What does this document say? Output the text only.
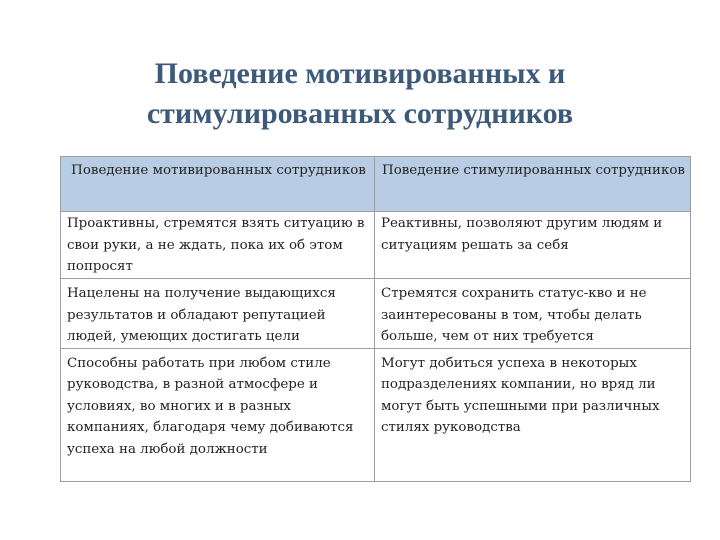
Поведение мотивированных и
стимулированных сотрудников
Поведение мотивированных сотрудников	Поведение стимулированных сотрудников
Проактивны, стремятся взять ситуацию в свои руки, а не ждать, пока их об этом попросят	Реактивны, позволяют другим людям и ситуациям решать за себя
Нацелены на получение выдающихся результатов и обладают репутацией людей, умеющих достигать цели	Стремятся сохранить статус-кво и не заинтересованы в том, чтобы делать больше, чем от них требуется
Способны работать при любом стиле руководства, в разной атмосфере и условиях, во многих и в разных компаниях, благодаря чему добиваются успеха на любой должности	Могут добиться успеха в некоторых подразделениях компании, но вряд ли могут быть успешными при различных стилях руководства
